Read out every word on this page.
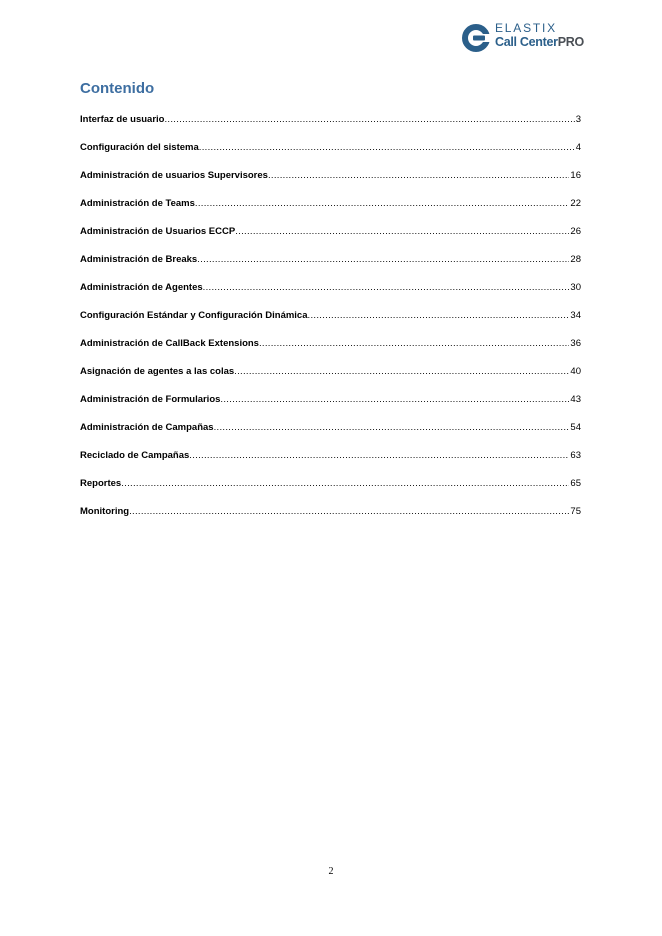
ELASTIX
Call CenterPRO
Contenido
Interfaz de usuario .....	3
Configuración del sistema .....	4
Administración de usuarios Supervisores .....	16
Administración de Teams .....	22
Administración de Usuarios ECCP .....	26
Administración de Breaks .....	28
Administración de Agentes .....	30
Configuración Estándar y Configuración Dinámica .....	34
Administración de CallBack Extensions .....	36
Asignación de agentes a las colas .....	40
Administración de Formularios .....	43
Administración de Campañas .....	54
Reciclado de Campañas .....	63
Reportes .....	65
Monitoring .....	75
2
